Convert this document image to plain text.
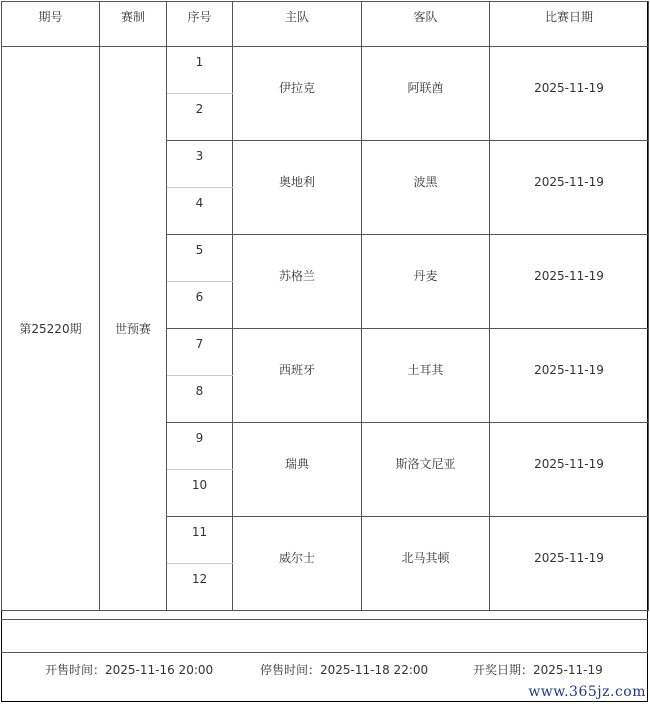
期号	赛制	序号	主队	客队	比赛日期
第25220期	世预赛	1	伊拉克	阿联酋	2025-11-19
		2			
		3	奥地利	波黑	2025-11-19
		4			
		5	苏格兰	丹麦	2025-11-19
		6			
		7	西班牙	土耳其	2025-11-19
		8			
		9	瑞典	斯洛文尼亚	2025-11-19
		10			
		11	威尔士	北马其顿	2025-11-19
		12			
开售时间：2025-11-16 20:00	停售时间：2025-11-18 22:00	开奖日期：2025-11-19
www.365jz.com
